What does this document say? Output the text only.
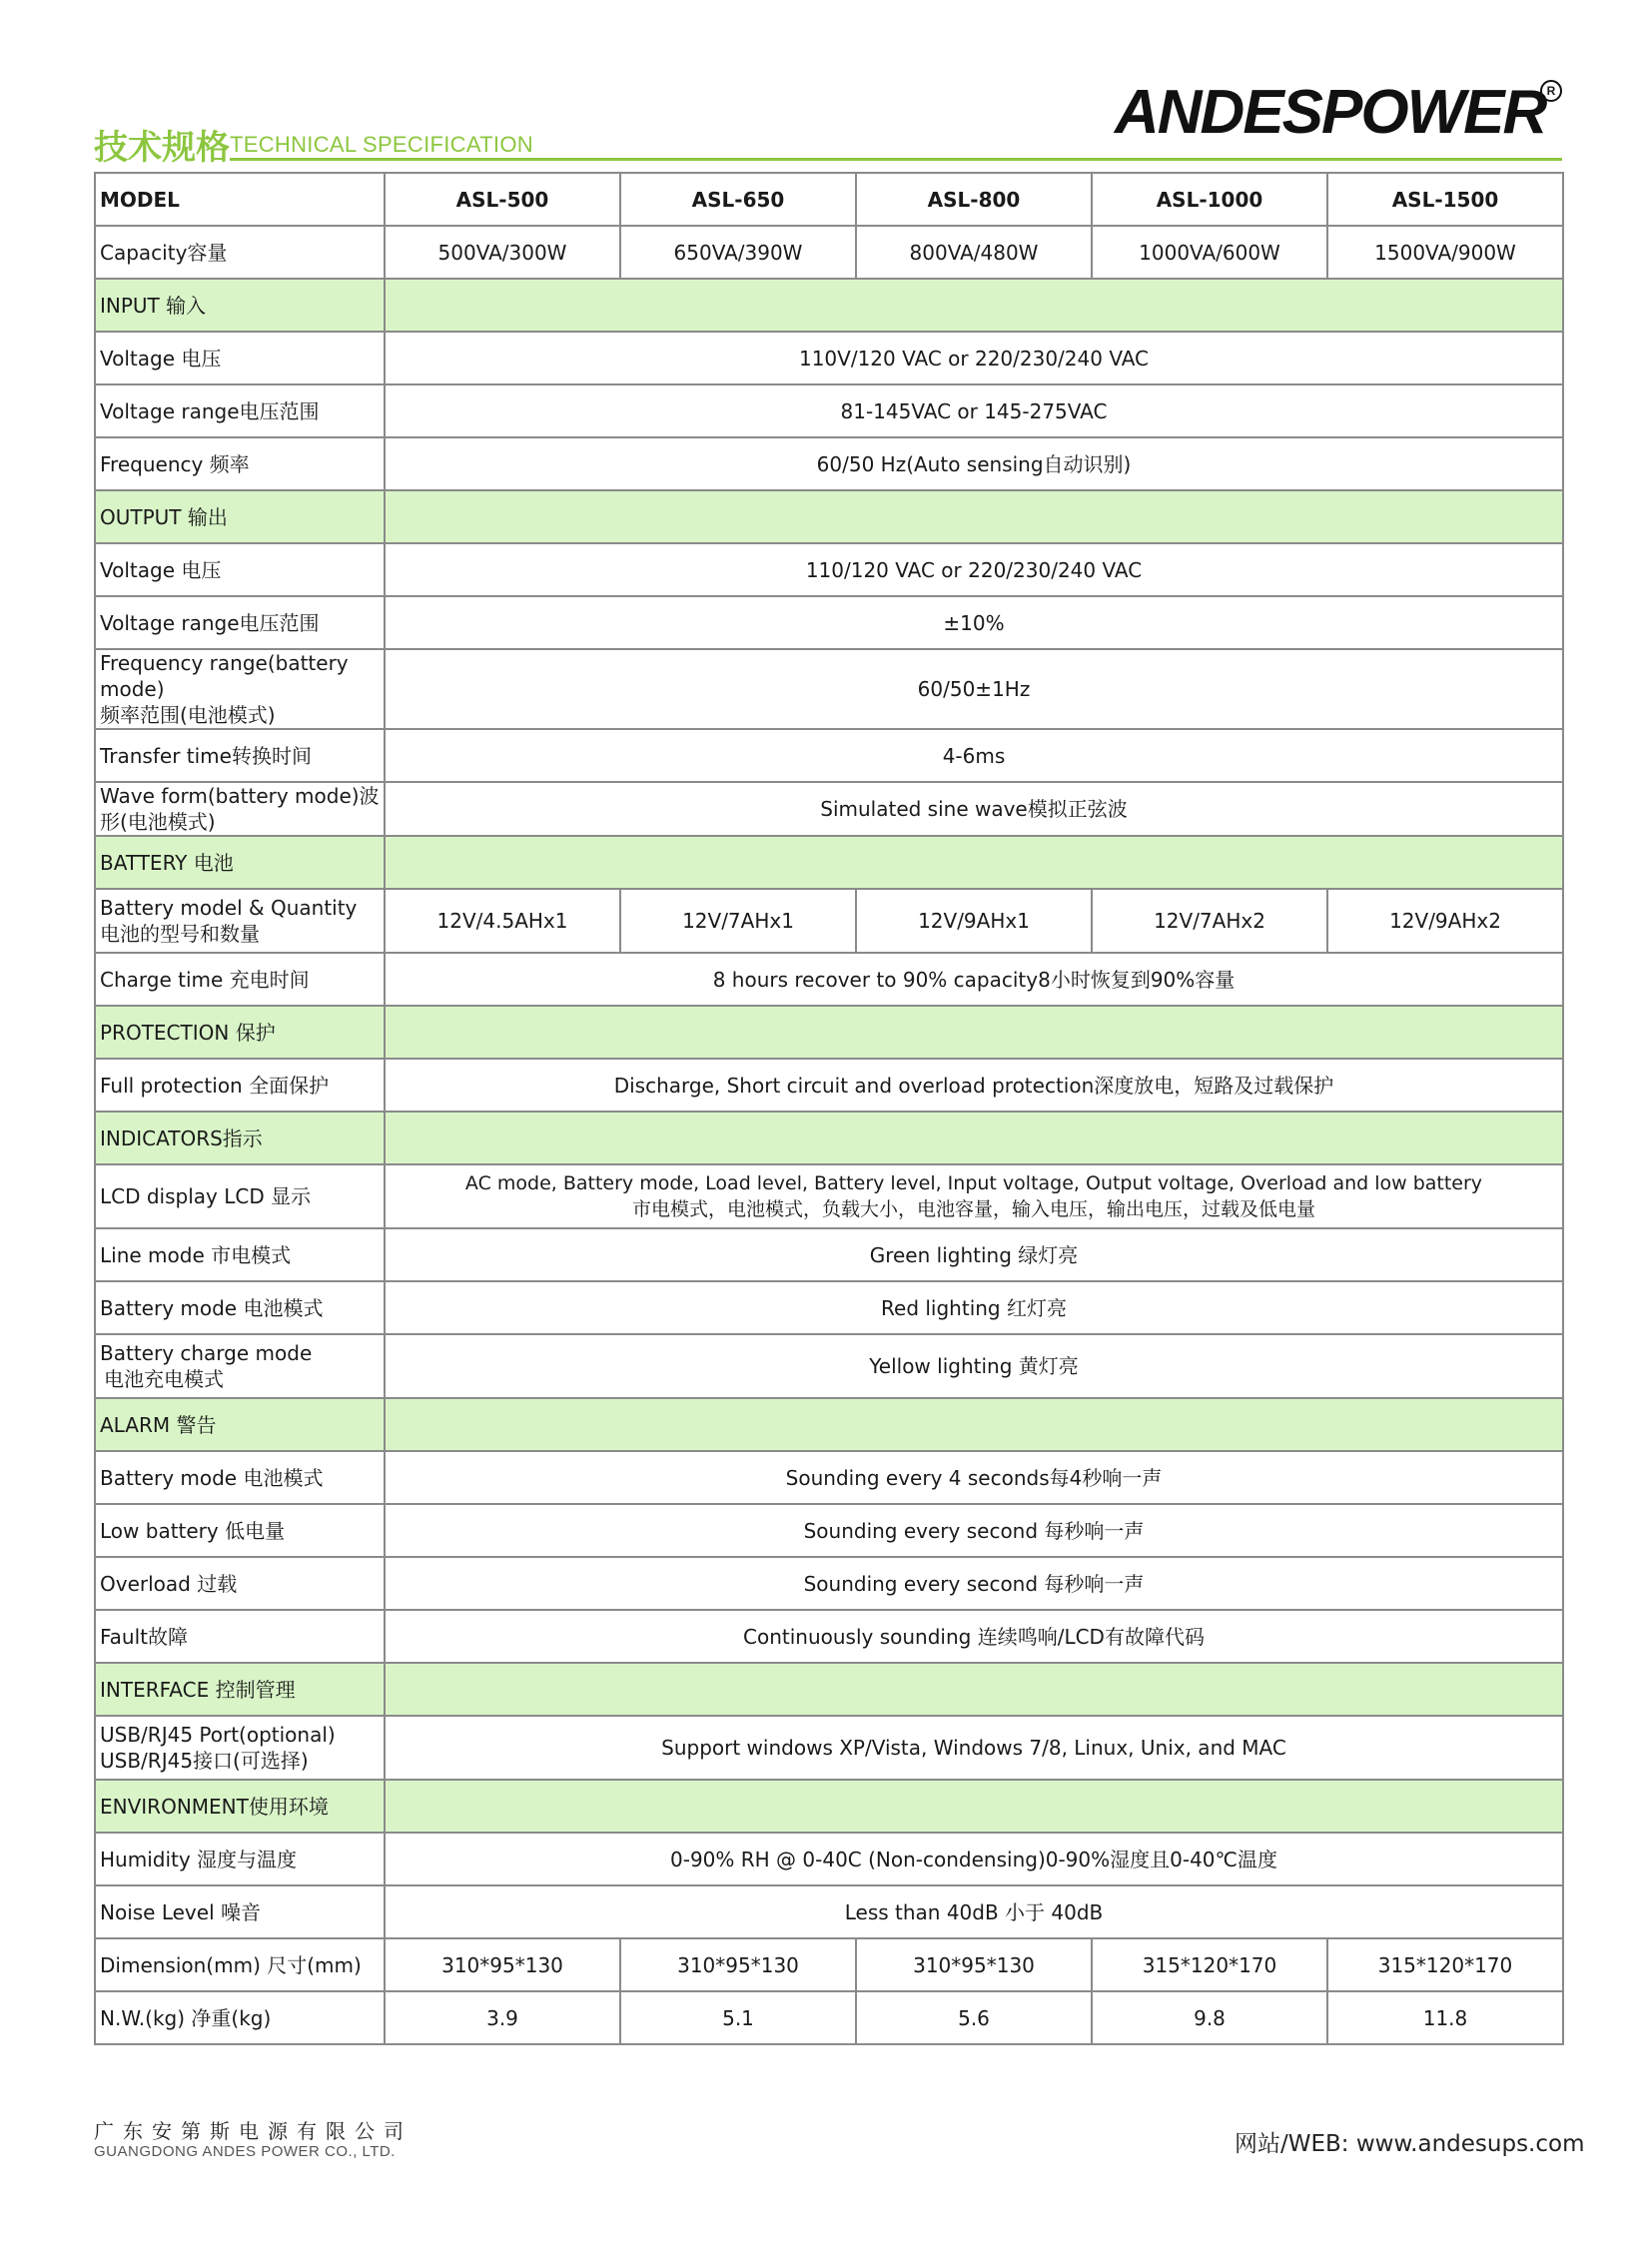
技术规格 TECHNICAL SPECIFICATION	ANDESPOWER R
MODEL	ASL-500	ASL-650	ASL-800	ASL-1000	ASL-1500
Capacity容量	500VA/300W	650VA/390W	800VA/480W	1000VA/600W	1500VA/900W
INPUT 输入					
Voltage 电压	110V/120 VAC or 220/230/240 VAC				
Voltage range电压范围	81-145VAC or 145-275VAC				
Frequency 频率	60/50 Hz(Auto sensing自动识别)				
OUTPUT 输出					
Voltage 电压	110/120 VAC or 220/230/240 VAC				
Voltage range电压范围	±10%				

Frequency range(battery mode)
频率范围(电池模式)	60/50±1Hz				
Transfer time转换时间	4-6ms				
Wave form(battery mode)波形(电池模式)	Simulated sine wave模拟正弦波				
BATTERY 电池					

Battery model & Quantity
电池的型号和数量	12V/4.5AHx1	12V/7AHx1	12V/9AHx1	12V/7AHx2	12V/9AHx2
Charge time 充电时间	8 hours recover to 90% capacity8小时恢复到90%容量				
PROTECTION 保护					
Full protection 全面保护	Discharge, Short circuit and overload protection深度放电，短路及过载保护				
INDICATORS指示					
LCD display LCD 显示	AC mode, Battery mode, Load level, Battery level, Input voltage, Output voltage, Overload and low battery
市电模式，电池模式，负载大小，电池容量，输入电压，输出电压，过载及低电量				

Line mode 市电模式	Green lighting 绿灯亮				
Battery mode 电池模式	Red lighting 红灯亮				

Battery charge mode
电池充电模式	Yellow lighting 黄灯亮				
ALARM 警告					
Battery mode 电池模式	Sounding every 4 seconds每4秒响一声				
Low battery 低电量	Sounding every second 每秒响一声				
Overload 过载	Sounding every second 每秒响一声				
Fault故障	Continuously sounding 连续鸣响/LCD有故障代码				
INTERFACE 控制管理					

USB/RJ45 Port(optional)
USB/RJ45接口(可选择)	Support windows XP/Vista, Windows 7/8, Linux, Unix, and MAC				
ENVIRONMENT使用环境					
Humidity 湿度与温度	0-90% RH @ 0-40C (Non-condensing)0-90%湿度且0-40℃温度				
Noise Level 噪音	Less than 40dB 小于 40dB				
Dimension(mm) 尺寸(mm)	310*95*130	310*95*130	310*95*130	315*120*170	315*120*170
N.W.(kg) 净重(kg)	3.9	5.1	5.6	9.8	11.8
广东安第斯电源有限公司
GUANGDONG ANDES POWER CO., LTD.	网站/WEB: www.andesups.com
